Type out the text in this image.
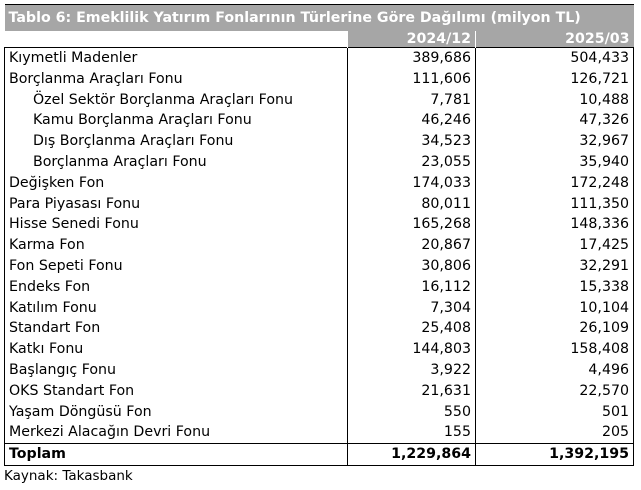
Tablo 6: Emeklilik Yatırım Fonlarının Türlerine Göre Dağılımı (milyon TL)		
	2024/12	2025/03
Kıymetli Madenler	389,686	504,433
Borçlanma Araçları Fonu	111,606	126,721
Özel Sektör Borçlanma Araçları Fonu	7,781	10,488
Kamu Borçlanma Araçları Fonu	46,246	47,326
Dış Borçlanma Araçları Fonu	34,523	32,967
Borçlanma Araçları Fonu	23,055	35,940
Değişken Fon	174,033	172,248
Para Piyasası Fonu	80,011	111,350
Hisse Senedi Fonu	165,268	148,336
Karma Fon	20,867	17,425
Fon Sepeti Fonu	30,806	32,291
Endeks Fon	16,112	15,338
Katılım Fonu	7,304	10,104
Standart Fon	25,408	26,109
Katkı Fonu	144,803	158,408
Başlangıç Fonu	3,922	4,496
OKS Standart Fon	21,631	22,570
Yaşam Döngüsü Fon	550	501
Merkezi Alacağın Devri Fonu	155	205
Toplam	1,229,864	1,392,195
Kaynak: Takasbank
